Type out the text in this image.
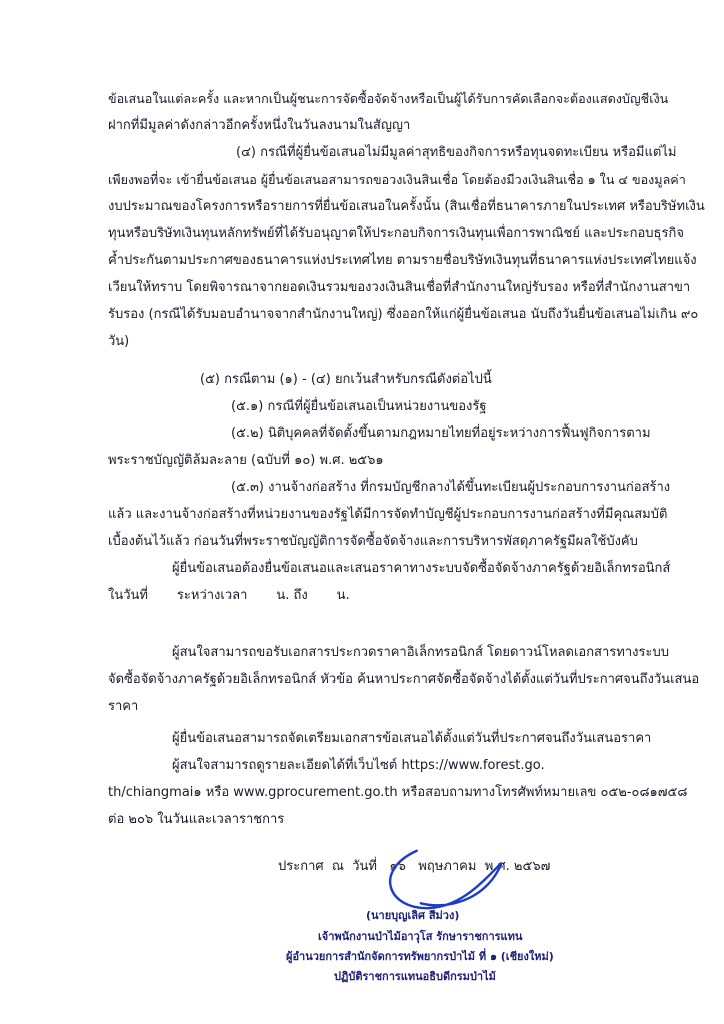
ข้อเสนอในแต่ละครั้ง และหากเป็นผู้ชนะการจัดซื้อจัดจ้างหรือเป็นผู้ได้รับการคัดเลือกจะต้องแสดงบัญชีเงิน
ฝากที่มีมูลค่าดังกล่าวอีกครั้งหนึ่งในวันลงนามในสัญญา
(๔) กรณีที่ผู้ยื่นข้อเสนอไม่มีมูลค่าสุทธิของกิจการหรือทุนจดทะเบียน หรือมีแต่ไม่
เพียงพอที่จะ เข้ายื่นข้อเสนอ ผู้ยื่นข้อเสนอสามารถขอวงเงินสินเชื่อ โดยต้องมีวงเงินสินเชื่อ ๑ ใน ๔ ของมูลค่า
งบประมาณของโครงการหรือรายการที่ยื่นข้อเสนอในครั้งนั้น (สินเชื่อที่ธนาคารภายในประเทศ หรือบริษัทเงิน
ทุนหรือบริษัทเงินทุนหลักทรัพย์ที่ได้รับอนุญาตให้ประกอบกิจการเงินทุนเพื่อการพาณิชย์ และประกอบธุรกิจ
ค้ำประกันตามประกาศของธนาคารแห่งประเทศไทย ตามรายชื่อบริษัทเงินทุนที่ธนาคารแห่งประเทศไทยแจ้ง
เวียนให้ทราบ โดยพิจารณาจากยอดเงินรวมของวงเงินสินเชื่อที่สำนักงานใหญ่รับรอง หรือที่สำนักงานสาขา
รับรอง (กรณีได้รับมอบอำนาจจากสำนักงานใหญ่) ซึ่งออกให้แก่ผู้ยื่นข้อเสนอ นับถึงวันยื่นข้อเสนอไม่เกิน ๙๐
วัน)
(๕) กรณีตาม (๑) - (๔) ยกเว้นสำหรับกรณีดังต่อไปนี้
(๕.๑) กรณีที่ผู้ยื่นข้อเสนอเป็นหน่วยงานของรัฐ
(๕.๒) นิติบุคคลที่จัดตั้งขึ้นตามกฎหมายไทยที่อยู่ระหว่างการฟื้นฟูกิจการตาม
พระราชบัญญัติล้มละลาย (ฉบับที่ ๑๐) พ.ศ. ๒๕๖๑
(๕.๓) งานจ้างก่อสร้าง ที่กรมบัญชีกลางได้ขึ้นทะเบียนผู้ประกอบการงานก่อสร้าง
แล้ว และงานจ้างก่อสร้างที่หน่วยงานของรัฐได้มีการจัดทำบัญชีผู้ประกอบการงานก่อสร้างที่มีคุณสมบัติ
เบื้องต้นไว้แล้ว ก่อนวันที่พระราชบัญญัติการจัดซื้อจัดจ้างและการบริหารพัสดุภาครัฐมีผลใช้บังคับ
ผู้ยื่นข้อเสนอต้องยื่นข้อเสนอและเสนอราคาทางระบบจัดซื้อจัดจ้างภาครัฐด้วยอิเล็กทรอนิกส์
ในวันที่       ระหว่างเวลา       น. ถึง       น.
ผู้สนใจสามารถขอรับเอกสารประกวดราคาอิเล็กทรอนิกส์ โดยดาวน์โหลดเอกสารทางระบบ
จัดซื้อจัดจ้างภาครัฐด้วยอิเล็กทรอนิกส์ หัวข้อ ค้นหาประกาศจัดซื้อจัดจ้างได้ตั้งแต่วันที่ประกาศจนถึงวันเสนอ
ราคา
ผู้ยื่นข้อเสนอสามารถจัดเตรียมเอกสารข้อเสนอได้ตั้งแต่วันที่ประกาศจนถึงวันเสนอราคา
ผู้สนใจสามารถดูรายละเอียดได้ที่เว็บไซต์ https://www.forest.go.
th/chiangmai๑ หรือ www.gprocurement.go.th หรือสอบถามทางโทรศัพท์หมายเลข ๐๕๒-๐๘๑๗๕๘
ต่อ ๒๐๖ ในวันและเวลาราชการ
ประกาศ  ณ  วันที่   ๑๖   พฤษภาคม  พ.ศ. ๒๕๖๗
(นายบุญเลิศ สีม่วง)
เจ้าพนักงานป่าไม้อาวุโส รักษาราชการแทน
ผู้อำนวยการสำนักจัดการทรัพยากรป่าไม้ ที่ ๑ (เชียงใหม่)
ปฏิบัติราชการแทนอธิบดีกรมป่าไม้
